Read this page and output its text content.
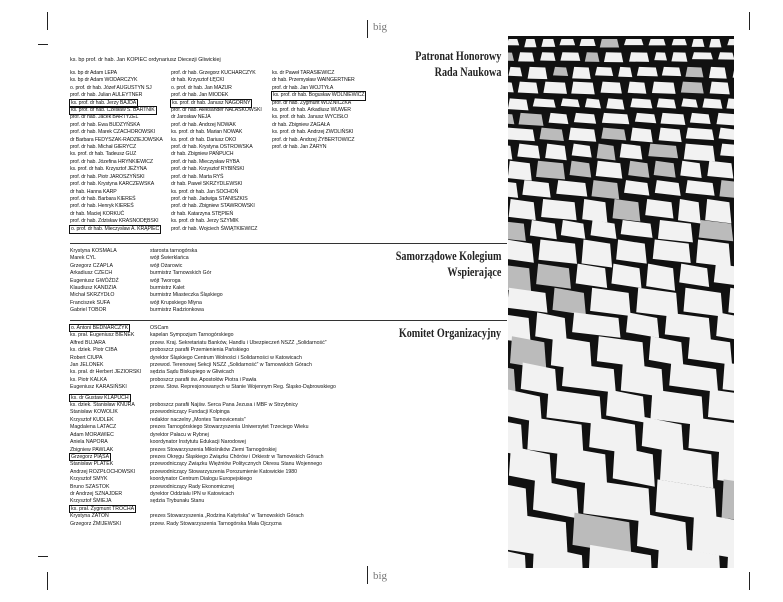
big
big
ks. bp prof. dr hab. Jan KOPIEC ordynariusz Diecezji Gliwickiej	Patronat Honorowy
Rada Naukowa
ks. bp dr Adam LEPA
ks. bp dr Adam WODARCZYK
o. prof. dr hab. Józef AUGUSTYN SJ
prof. dr hab. Julian AULEYTNER
ks. prof. dr hab. Jerzy BAJDA
ks. prof. dr hab. Czesław S. BARTNIK
prof. dr hab. Jacek BARTYZEL
prof. dr hab. Ewa BUDZYŃSKA
prof. dr hab. Marek CZACHOROWSKI
dr Barbara FEDYSZAK-RADZIEJOWSKA
prof. dr hab. Michał GIERYCZ
ks. prof. dr hab. Tadeusz GUZ
prof. dr hab. Józefina HRYNKIEWICZ
ks. prof. dr hab. Krzysztof JEŻYNA
prof. dr hab. Piotr JAROSZYŃSKI
prof. dr hab. Krystyna KARCZEWSKA
dr hab. Hanna KARP
prof. dr hab. Barbara KIEREŚ
prof. dr hab. Henryk KIEREŚ
dr hab. Maciej KORKUĆ
prof. dr hab. Zdzisław KRASNODĘBSKI
o. prof. dr hab. Mieczysław A. KRĄPIEC
prof. dr hab. Grzegorz KUCHARCZYK
dr hab. Krzysztof ŁĘCKI
o. prof. dr hab. Jan MAZUR
prof. dr hab. Jan MIODEK
ks. prof. dr hab. Janusz NAGÓRNY
prof. dr hab. Aleksander NALASKOWSKI
dr Jarosław NEJA
prof. dr hab. Andrzej NOWAK
ks. prof. dr hab. Marian NOWAK
ks. prof. dr hab. Dariusz OKO
prof. dr hab. Krystyna OSTROWSKA
dr hab. Zbigniew PAŃPUCH
prof. dr hab. Mieczysław RYBA
prof. dr hab. Krzysztof RYBIŃSKI
prof. dr hab. Marta RYŚ
dr hab. Paweł SKRZYDLEWSKI
ks. prof. dr hab. Jan SOCHOŃ
prof. dr hab. Jadwiga STANISZKIS
prof. dr hab. Zbigniew STAWROWSKI
dr hab. Katarzyna STĘPIEŃ
ks. prof. dr hab. Jerzy SZYMIK
prof. dr hab. Wojciech ŚWIĄTKIEWICZ
ks. dr Paweł TARASIEWICZ
dr hab. Przemysław WAINGERTNER
prof. dr hab. Jan WOJTYŁA
ks. prof. dr hab. Bogusław WOLNIEWICZ
prof. dr hab. Zygmunt WOŹNICZKA
ks. prof. dr hab. Arkadiusz WUWER
ks. prof. dr hab. Janusz WYCISŁO
dr hab. Zbigniew ZAGAŁA
ks. prof. dr hab. Andrzej ZWOLIŃSKI
prof. dr hab. Andrzej ŻYBERTOWICZ
prof. dr hab. Jan ŻARYN
Samorządowe Kolegium
Wspierające
Krystyna KOSMALA	starosta tarnogórska
Marek CYL	wójt Świerklańca
Grzegorz CZAPLA	wójt Ożarowic
Arkadiusz CZECH	burmistrz Tarnowskich Gór
Eugeniusz GWÓŹDŹ	wójt Tworoga
Klaudiusz KANDZIA	burmistrz Kalet
Michał SKRZYDŁO	burmistrz Miasteczka Śląskiego
Franciszek SUFA	wójt Krupskiego Młyna
Gabriel TOBOR	burmistrz Radzionkowa
Komitet Organizacyjny
o. Antoni BEDNARCZYK	OSCam
ks. prał. Eugeniusz BIENEK	kapelan Sympozjum Tarnogórskiego
Alfred BUJARA	przew. Kraj. Sekretariatu Banków, Handlu i Ubezpieczeń NSZZ „Solidarność”
ks. dziek. Piotr CIBA	proboszcz parafii Przemienienia Pańskiego
Robert CIUPA	dyrektor Śląskiego Centrum Wolności i Solidarności w Katowicach
Jan JELONEK	przewod. Terenowej Sekcji NSZZ „Solidarność” w Tarnowskich Górach
ks. prał. dr Herbert JEZIORSKI	sędzia Sądu Biskupiego w Gliwicach
ks. Piotr KALKA	proboszcz parafii św. Apostołów Piotra i Pawła
Eugeniusz KARASIŃSKI	przew. Stow. Represjonowanych w Stanie Wojennym Reg. Śląsko-Dąbrowskiego
ks. dr Gustaw KLAPUCH
ks. dziek. Stanisław KNURA	proboszcz parafii Najśw. Serca Pana Jezusa i MBF w Strzybnicy
Stanisław KOWOLIK	przewodniczący Fundacji Kolpinga
Krzysztof KUDLEK	redaktor naczelny „Montes Tarnovicensis”
Magdalena LATACZ	prezes Tarnogórskiego Stowarzyszenia Uniwersytet Trzeciego Wieku
Adam MORAWIEC	dyrektor Pałacu w Rybnej
Aniela NAPORA	koordynator Instytutu Edukacji Narodowej
Zbigniew PAWLAK	prezes Stowarzyszenia Miłośników Ziemi Tarnogórskiej
Grzegorz PIĄSA	prezes Okręgu Śląskiego Związku Chórów i Orkiestr w Tarnowskich Górach
Stanisław PLATEK	przewodniczący Związku Więźniów Politycznych Okresu Stanu Wojennego
Andrzej ROZPŁOCHOWSKI	przewodniczący Stowarzyszenia Porozumienie Katowickie 1980
Krzysztof SMYK	koordynator Centrum Dialogu Europejskiego
Bruno SZASTOK	przewodniczący Rady Ekonomicznej
dr Andrzej SZNAJDER	dyrektor Oddziału IPN w Katowicach
Krzysztof ŚMIEJA	sędzia Trybunału Stanu
ks. prał. Zygmunt TROCHA
Krystyna ŻATOŃ	prezes Stowarzyszenia „Rodzina Katyńska” w Tarnowskich Górach
Grzegorz ŻMIJEWSKI	przew. Rady Stowarzyszenia Tarnogórska Mała Ojczyzna
